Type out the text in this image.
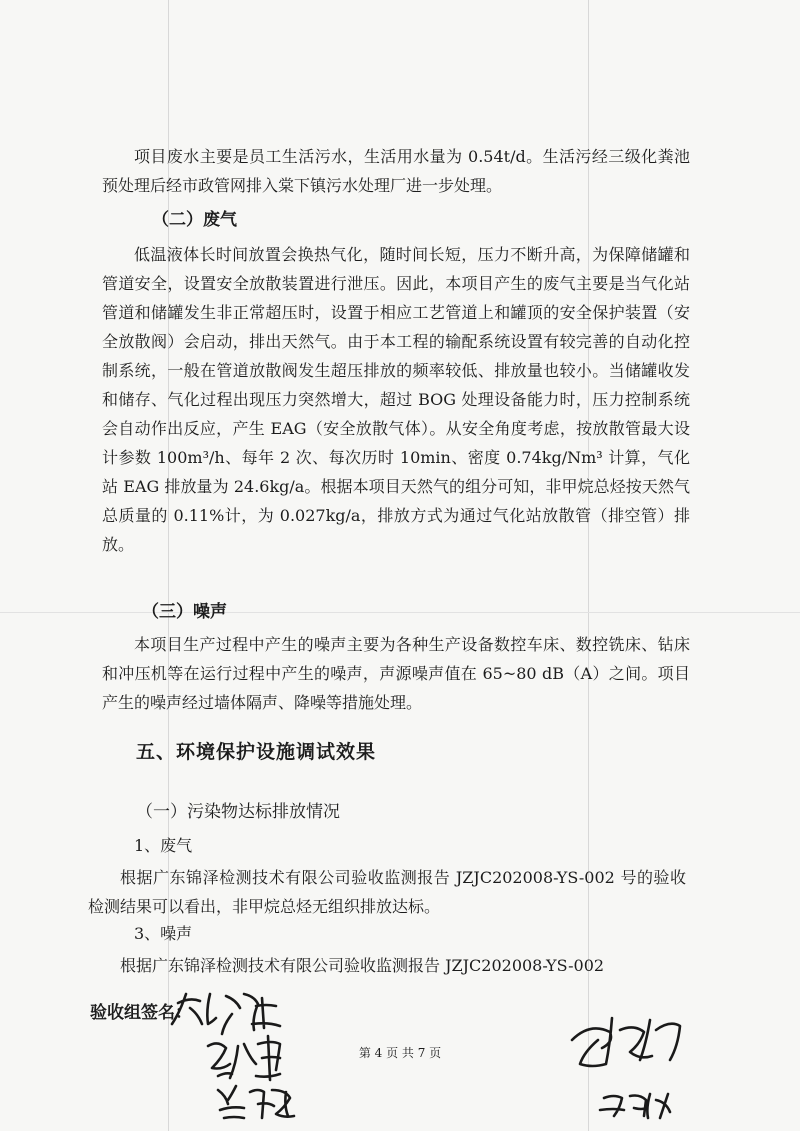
项目废水主要是员工生活污水，生活用水量为 0.54t/d。生活污经三级化粪池预处理后经市政管网排入棠下镇污水处理厂进一步处理。
（二）废气
低温液体长时间放置会换热气化，随时间长短，压力不断升高，为保障储罐和管道安全，设置安全放散装置进行泄压。因此，本项目产生的废气主要是当气化站管道和储罐发生非正常超压时，设置于相应工艺管道上和罐顶的安全保护装置（安全放散阀）会启动，排出天然气。由于本工程的输配系统设置有较完善的自动化控制系统，一般在管道放散阀发生超压排放的频率较低、排放量也较小。当储罐收发和储存、气化过程出现压力突然增大，超过 BOG 处理设备能力时，压力控制系统会自动作出反应，产生 EAG（安全放散气体）。从安全角度考虑，按放散管最大设计参数 100m³/h、每年 2 次、每次历时 10min、密度 0.74kg/Nm³ 计算，气化站 EAG 排放量为 24.6kg/a。根据本项目天然气的组分可知，非甲烷总烃按天然气总质量的 0.11%计，为 0.027kg/a，排放方式为通过气化站放散管（排空管）排放。
（三）噪声
本项目生产过程中产生的噪声主要为各种生产设备数控车床、数控铣床、钻床和冲压机等在运行过程中产生的噪声，声源噪声值在 65~80 dB（A）之间。项目产生的噪声经过墙体隔声、降噪等措施处理。
五、环境保护设施调试效果
（一）污染物达标排放情况
1、废气
根据广东锦泽检测技术有限公司验收监测报告 JZJC202008-YS-002 号的验收检测结果可以看出，非甲烷总烃无组织排放达标。
3、噪声
根据广东锦泽检测技术有限公司验收监测报告 JZJC202008-YS-002
验收组签名：
第 4 页 共 7 页
